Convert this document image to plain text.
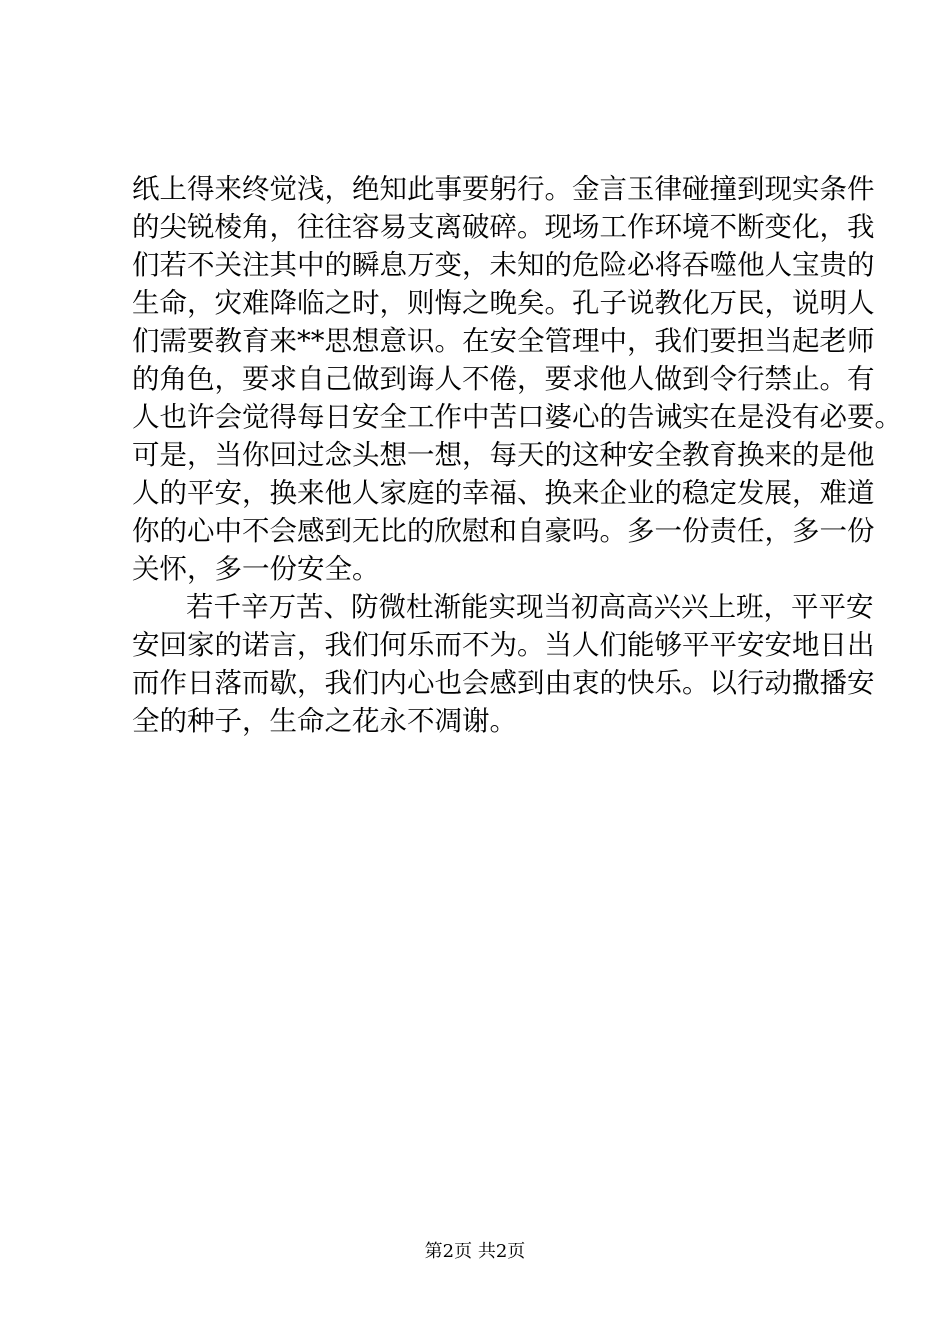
纸上得来终觉浅，绝知此事要躬行。金言玉律碰撞到现实条件
的尖锐棱角，往往容易支离破碎。现场工作环境不断变化，我
们若不关注其中的瞬息万变，未知的危险必将吞噬他人宝贵的
生命，灾难降临之时，则悔之晚矣。孔子说教化万民，说明人
们需要教育来**思想意识。在安全管理中，我们要担当起老师
的角色，要求自己做到诲人不倦，要求他人做到令行禁止。有
人也许会觉得每日安全工作中苦口婆心的告诫实在是没有必要。
可是，当你回过念头想一想，每天的这种安全教育换来的是他
人的平安，换来他人家庭的幸福、换来企业的稳定发展，难道
你的心中不会感到无比的欣慰和自豪吗。多一份责任，多一份
关怀，多一份安全。
若千辛万苦、防微杜渐能实现当初高高兴兴上班，平平安
安回家的诺言，我们何乐而不为。当人们能够平平安安地日出
而作日落而歇，我们内心也会感到由衷的快乐。以行动撒播安
全的种子，生命之花永不凋谢。
第2页 共2页
